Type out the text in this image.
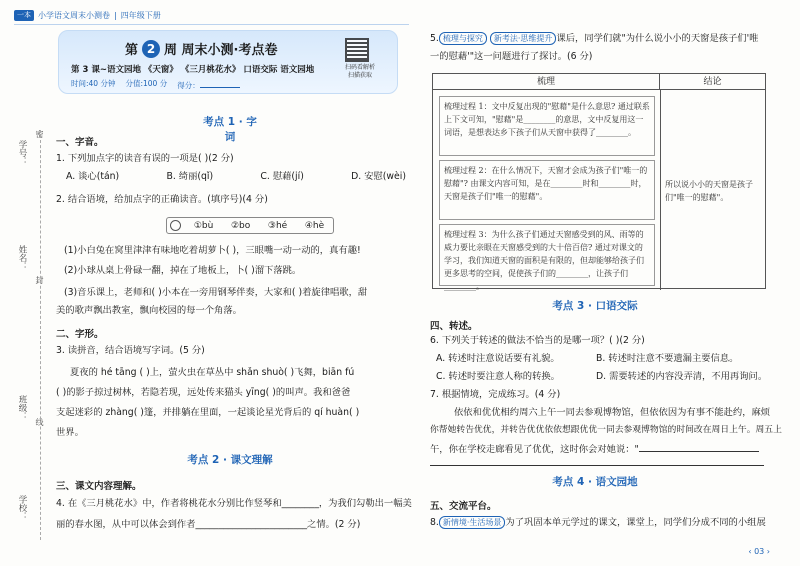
一本 小学语文周末小测卷 | 四年级下册
学号：
姓名：
班级：
学校：
密
封
线
第 2 周 周末小测·考点卷
第 3 课~语文园地 《天窗》 《三月桃花水》 口语交际 语文园地
时间:40 分钟 分值:100 分 得分：
扫码看解析 扫描获取
考点 1 · 字词
一、字音。
1. 下列加点字的读音有误的一项是( )(2 分)
A. 谈心(tán)	B. 绮丽(qǐ)	C. 慰藉(jí)	D. 安慰(wèi)
2. 结合语境，给加点字的正确读音。(填序号)(4 分)
①bù ②bo ③hé ④hè
(1)小白兔在窝里津津有味地吃着胡萝卜( )，三眼嘴一动一动的，真有趣!
(2)小球从桌上骨碌一翻，掉在了地板上，卜( )溜下落跳。
(3)音乐课上，老师和( )小本在一旁用钢琴伴奏，大家和( )着旋律唱歌，甜
美的歌声飘出教室，飘向校园的每一个角落。
二、字形。
3. 读拼音，结合语境写字词。(5 分)
夏夜的 hé tāng ( )上，萤火虫在草丛中 shǎn shuò( )飞舞，biān fú
( )的影子掠过树林，若隐若现，远处传来猫头 yīng( )的叫声。我和爸爸
支起迷彩的 zhàng( )篷，并排躺在里面，一起谈论星光背后的 qí huàn( )
世界。
考点 2 · 课文理解
三、课文内容理解。
4. 在《三月桃花水》中，作者将桃花水分别比作竖琴和________，为我们勾勒出一幅美
丽的春水图，从中可以体会到作者________________________之情。(2 分)
5. 梳理与探究 新考法·思维提升 课后，同学们就"为什么说小小的天窗是孩子们'唯
一的慰藉'"这一问题进行了探讨。(6 分)
梳理	结论
梳理过程 1：文中反复出现的"慰藉"是什么意思? 通过联系上下文可知，"慰藉"是________的意思，文中反复用这一词语，是想表达乡下孩子们从天窗中获得了________。
梳理过程 2：在什么情况下，天窗才会成为孩子们"唯一的慰藉"? 由课文内容可知，是在________时和________时，天窗是孩子们"唯一的慰藉"。
梳理过程 3：为什么孩子们通过天窗感受到的风、雨等的威力要比亲眼在天窗感受到的大十倍百倍? 通过对课文的学习，我们知道天窗的面积是有限的，但却能够给孩子们更多思考的空间，促使孩子们的________，让孩子们________。
所以说小小的天窗是孩子们"唯一的慰藉"。
考点 3 · 口语交际
四、转述。
6. 下列关于转述的做法不恰当的是哪一项？( )(2 分)
A. 转述时注意说话要有礼貌。	B. 转述时注意不要遗漏主要信息。
C. 转述时要注意人称的转换。	D. 需要转述的内容没弄清，不用再询问。
7. 根据情境，完成练习。(4 分)
依依和优优相约周六上午一同去参观博物馆，但依依因为有事不能赴约，麻烦
你帮她转告优优，并转告优优依依想跟优优一同去参观博物馆的时间改在周日上午。周五上
午，你在学校走廊看见了优优，这时你会对她说："
考点 4 · 语文园地
五、交流平台。
8. 新情境·生活场景 为了巩固本单元学过的课文，课堂上，同学们分成不同的小组展
‹ 03 ›
